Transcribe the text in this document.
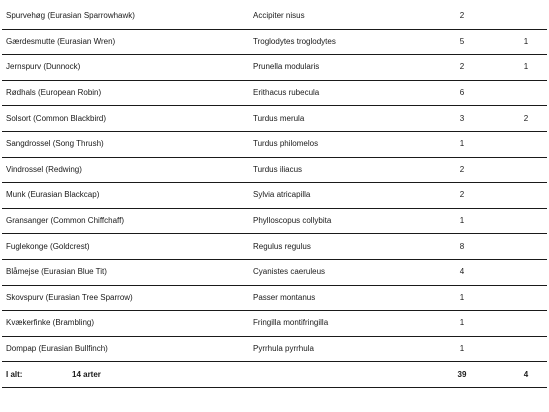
Spurvehøg (Eurasian Sparrowhawk)	Accipiter nisus	2
Gærdesmutte (Eurasian Wren)	Troglodytes troglodytes	5	1
Jernspurv (Dunnock)	Prunella modularis	2	1
Rødhals (European Robin)	Erithacus rubecula	6
Solsort (Common Blackbird)	Turdus merula	3	2
Sangdrossel (Song Thrush)	Turdus philomelos	1
Vindrossel (Redwing)	Turdus iliacus	2
Munk (Eurasian Blackcap)	Sylvia atricapilla	2
Gransanger (Common Chiffchaff)	Phylloscopus collybita	1
Fuglekonge (Goldcrest)	Regulus regulus	8
Blåmejse (Eurasian Blue Tit)	Cyanistes caeruleus	4
Skovspurv (Eurasian Tree Sparrow)	Passer montanus	1
Kvækerfinke (Brambling)	Fringilla montifringilla	1
Dompap (Eurasian Bullfinch)	Pyrrhula pyrrhula	1
I alt:	14 arter	39	4
